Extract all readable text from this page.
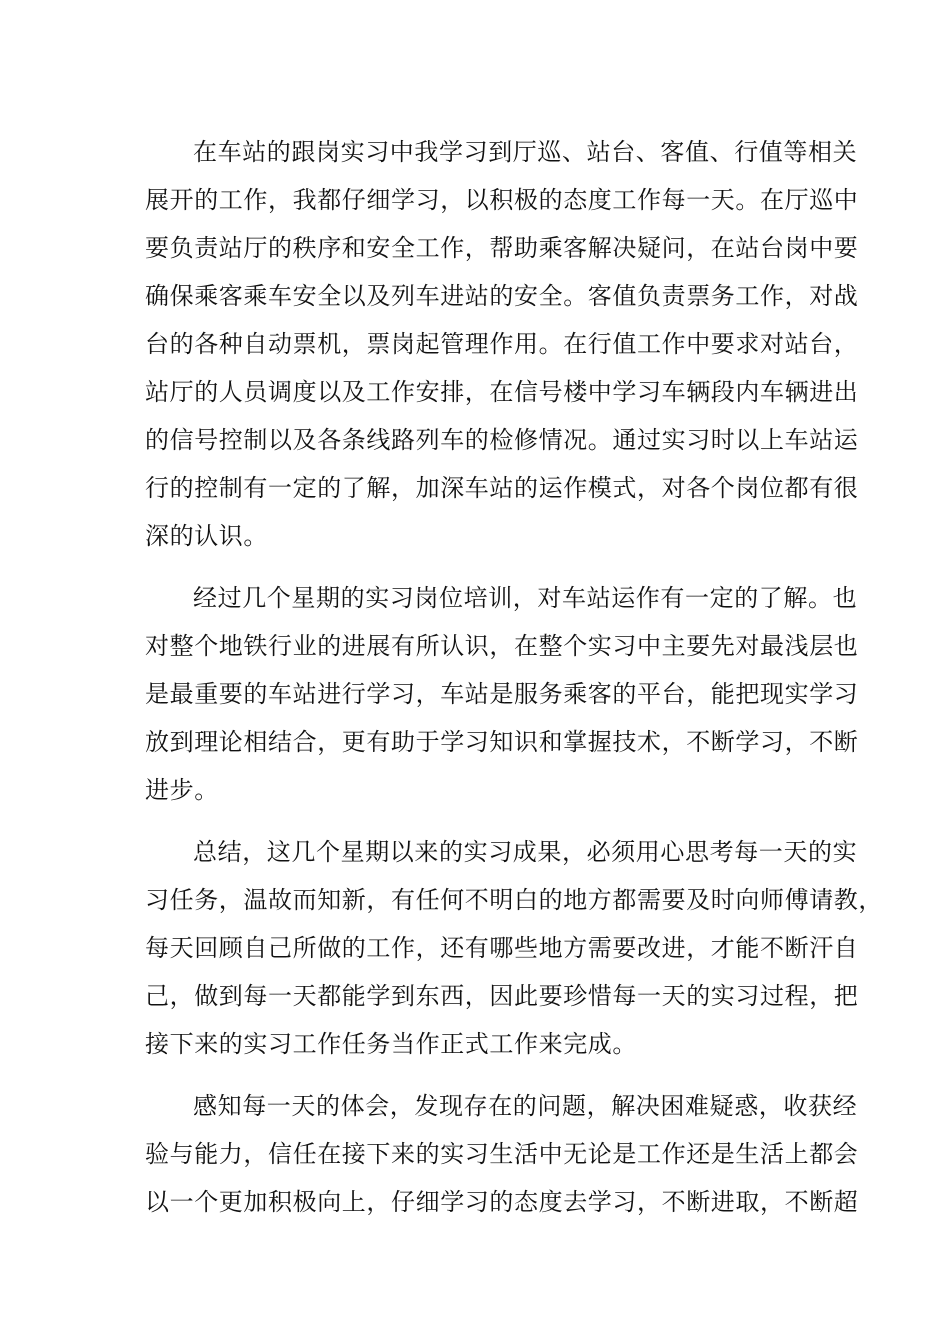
在车站的跟岗实习中我学习到厅巡、站台、客值、行值等相关
展开的工作，我都仔细学习，以积极的态度工作每一天。在厅巡中
要负责站厅的秩序和安全工作，帮助乘客解决疑问，在站台岗中要
确保乘客乘车安全以及列车进站的安全。客值负责票务工作，对战
台的各种自动票机，票岗起管理作用。在行值工作中要求对站台，
站厅的人员调度以及工作安排，在信号楼中学习车辆段内车辆进出
的信号控制以及各条线路列车的检修情况。通过实习时以上车站运
行的控制有一定的了解，加深车站的运作模式，对各个岗位都有很
深的认识。

经过几个星期的实习岗位培训，对车站运作有一定的了解。也
对整个地铁行业的进展有所认识，在整个实习中主要先对最浅层也
是最重要的车站进行学习，车站是服务乘客的平台，能把现实学习
放到理论相结合，更有助于学习知识和掌握技术，不断学习，不断
进步。

总结，这几个星期以来的实习成果，必须用心思考每一天的实
习任务，温故而知新，有任何不明白的地方都需要及时向师傅请教，
每天回顾自己所做的工作，还有哪些地方需要改进，才能不断汗自
己，做到每一天都能学到东西，因此要珍惜每一天的实习过程，把
接下来的实习工作任务当作正式工作来完成。

感知每一天的体会，发现存在的问题，解决困难疑惑，收获经
验与能力，信任在接下来的实习生活中无论是工作还是生活上都会
以一个更加积极向上，仔细学习的态度去学习，不断进取，不断超
